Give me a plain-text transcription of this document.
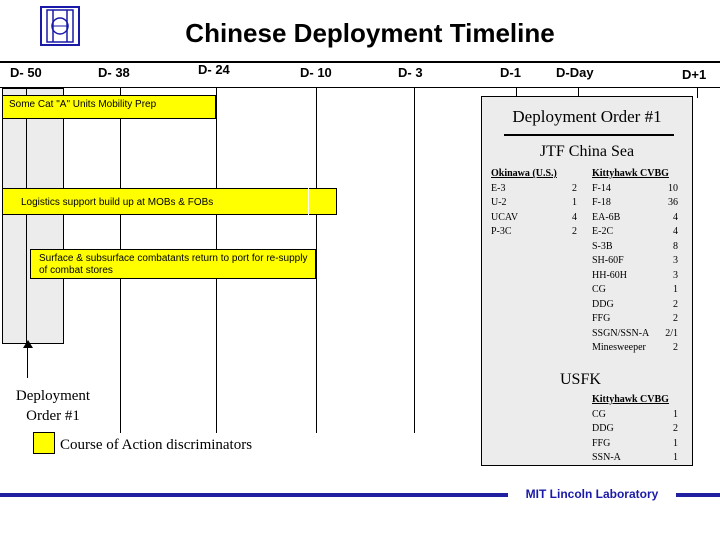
Chinese Deployment Timeline
D- 50	D- 38	D- 24	D- 10	D- 3	D-1	D-Day	D+1
Some Cat "A" Units Mobility Prep
Logistics support build up at MOBs & FOBs
Surface & subsurface combatants return to port for re-supply of combat stores
Deployment
Order #1
Course of Action discriminators
Deployment Order #1
JTF China Sea
Okinawa (U.S.)
E-3	2
U-2	1
UCAV	4
P-3C	2
Kittyhawk CVBG
F-14	10
F-18	36
EA-6B	4
E-2C	4
S-3B	8
SH-60F	3
HH-60H	3
CG	1
DDG	2
FFG	2
SSGN/SSN-A 2/1
Minesweeper	2
USFK
Kittyhawk CVBG
CG	1
DDG	2
FFG	1
SSN-A	1
MIT Lincoln Laboratory
